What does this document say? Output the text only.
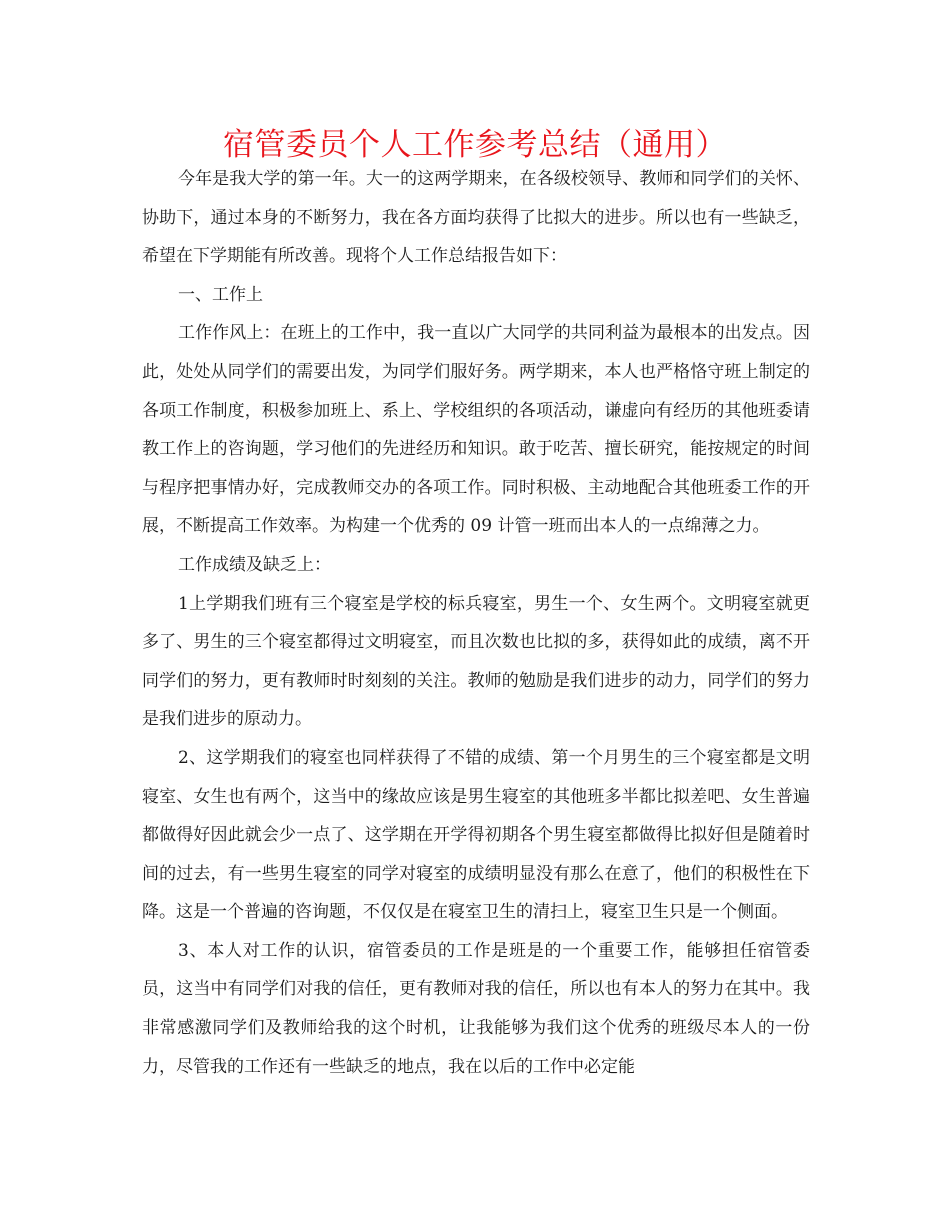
宿管委员个人工作参考总结（通用）

今年是我大学的第一年。大一的这两学期来，在各级校领导、教师和同学们的关怀、协助下，通过本身的不断努力，我在各方面均获得了比拟大的进步。所以也有一些缺乏，希望在下学期能有所改善。现将个人工作总结报告如下：

一、工作上

工作作风上：在班上的工作中，我一直以广大同学的共同利益为最根本的出发点。因此，处处从同学们的需要出发，为同学们服好务。两学期来，本人也严格恪守班上制定的各项工作制度，积极参加班上、系上、学校组织的各项活动，谦虚向有经历的其他班委请教工作上的咨询题，学习他们的先进经历和知识。敢于吃苦、擅长研究，能按规定的时间与程序把事情办好，完成教师交办的各项工作。同时积极、主动地配合其他班委工作的开展，不断提高工作效率。为构建一个优秀的 09 计管一班而出本人的一点绵薄之力。

工作成绩及缺乏上：

1上学期我们班有三个寝室是学校的标兵寝室，男生一个、女生两个。文明寝室就更多了、男生的三个寝室都得过文明寝室，而且次数也比拟的多，获得如此的成绩，离不开同学们的努力，更有教师时时刻刻的关注。教师的勉励是我们进步的动力，同学们的努力是我们进步的原动力。

2、这学期我们的寝室也同样获得了不错的成绩、第一个月男生的三个寝室都是文明寝室、女生也有两个，这当中的缘故应该是男生寝室的其他班多半都比拟差吧、女生普遍都做得好因此就会少一点了、这学期在开学得初期各个男生寝室都做得比拟好但是随着时间的过去，有一些男生寝室的同学对寝室的成绩明显没有那么在意了，他们的积极性在下降。这是一个普遍的咨询题，不仅仅是在寝室卫生的清扫上，寝室卫生只是一个侧面。

3、本人对工作的认识，宿管委员的工作是班是的一个重要工作，能够担任宿管委员，这当中有同学们对我的信任，更有教师对我的信任，所以也有本人的努力在其中。我非常感激同学们及教师给我的这个时机，让我能够为我们这个优秀的班级尽本人的一份力，尽管我的工作还有一些缺乏的地点，我在以后的工作中必定能
